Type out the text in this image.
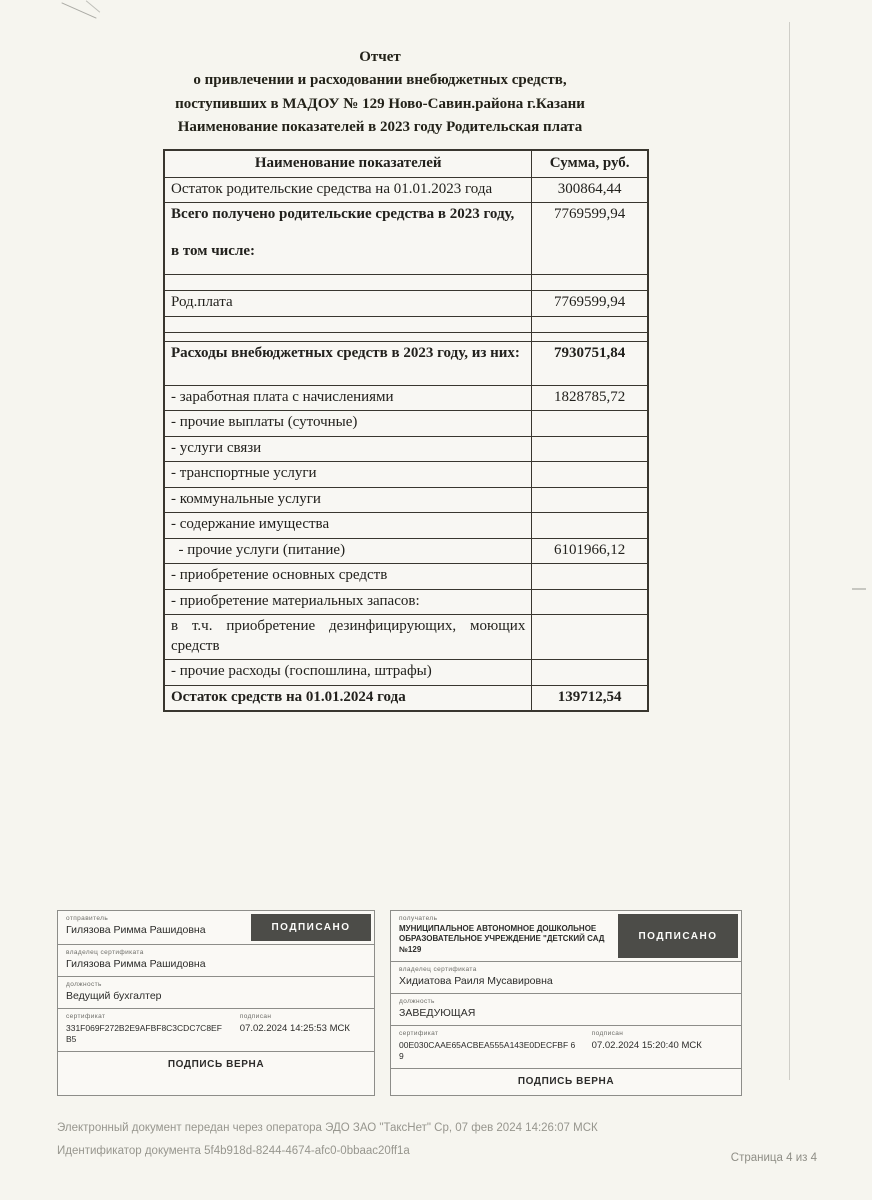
Отчет
о привлечении и расходовании внебюджетных средств,
поступивших в МАДОУ № 129 Ново-Савин.района г.Казани
Наименование показателей в 2023 году Родительская плата
Наименование показателей	Сумма, руб.

Остаток родительские средства на 01.01.2023 года	300864,44

Всего получено родительские средства в 2023 году,
в том числе:	7769599,94

Род.плата	7769599,94

Расходы внебюджетных средств в 2023 году, из них:	7930751,84

- заработная плата с начислениями	1828785,72

- прочие выплаты (суточные)	

- услуги связи	

- транспортные услуги	

- коммунальные услуги	

- содержание имущества	

- прочие услуги (питание)	6101966,12

- приобретение основных средств	

- приобретение материальных запасов:	

в т.ч. приобретение дезинфицирующих, моющих средств	

- прочие расходы (госпошлина, штрафы)	

Остаток средств на 01.01.2024 года	139712,54
отправитель
Гилязова Римма Рашидовна	ПОДПИСАНО
владелец сертификата
Гилязова Римма Рашидовна
должность
Ведущий бухгалтер
сертификат
331F069F272B2E9AFBF8C3CDC7C8EFB5
подписан
07.02.2024 14:25:53 МСК
ПОДПИСЬ ВЕРНА
получатель
МУНИЦИПАЛЬНОЕ АВТОНОМНОЕ ДОШКОЛЬНОЕ ОБРАЗОВАТЕЛЬНОЕ УЧРЕЖДЕНИЕ "ДЕТСКИЙ САД №129
ПОДПИСАНО
владелец сертификата
Хидиатова Раиля Мусавировна
должность
ЗАВЕДУЮЩАЯ
сертификат
00E030CAAE65ACBEA555A143E0DECFBF 69
подписан
07.02.2024 15:20:40 МСК
ПОДПИСЬ ВЕРНА
Электронный документ передан через оператора ЭДО ЗАО "ТаксНет" Ср, 07 фев 2024 14:26:07 МСК
Идентификатор документа 5f4b918d-8244-4674-afc0-0bbaac20ff1a
Страница 4 из 4
